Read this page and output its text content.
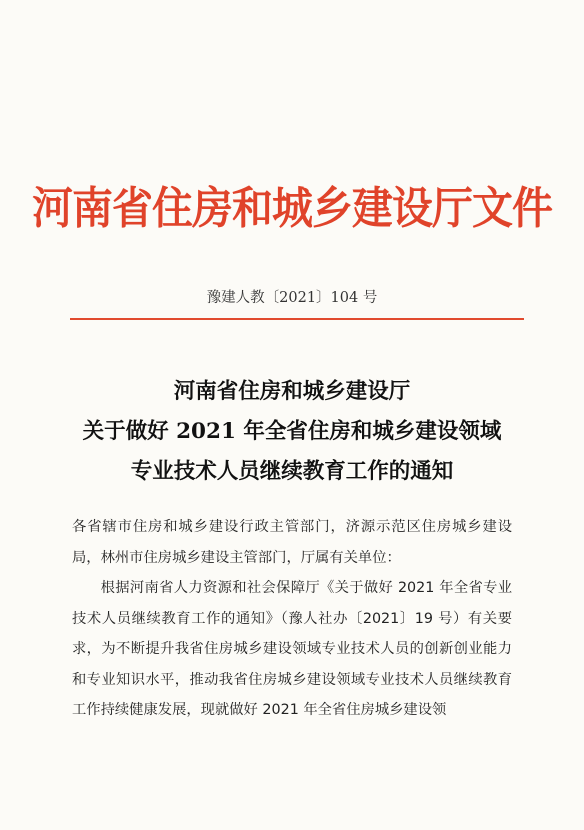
河南省住房和城乡建设厅文件
豫建人教〔2021〕104 号
河南省住房和城乡建设厅
关于做好 2021 年全省住房和城乡建设领域
专业技术人员继续教育工作的通知

各省辖市住房和城乡建设行政主管部门，济源示范区住房城乡建设局，林州市住房城乡建设主管部门，厅属有关单位：

根据河南省人力资源和社会保障厅《关于做好 2021 年全省专业技术人员继续教育工作的通知》（豫人社办〔2021〕19 号）有关要求，为不断提升我省住房城乡建设领域专业技术人员的创新创业能力和专业知识水平，推动我省住房城乡建设领域专业技术人员继续教育工作持续健康发展，现就做好 2021 年全省住房城乡建设领
